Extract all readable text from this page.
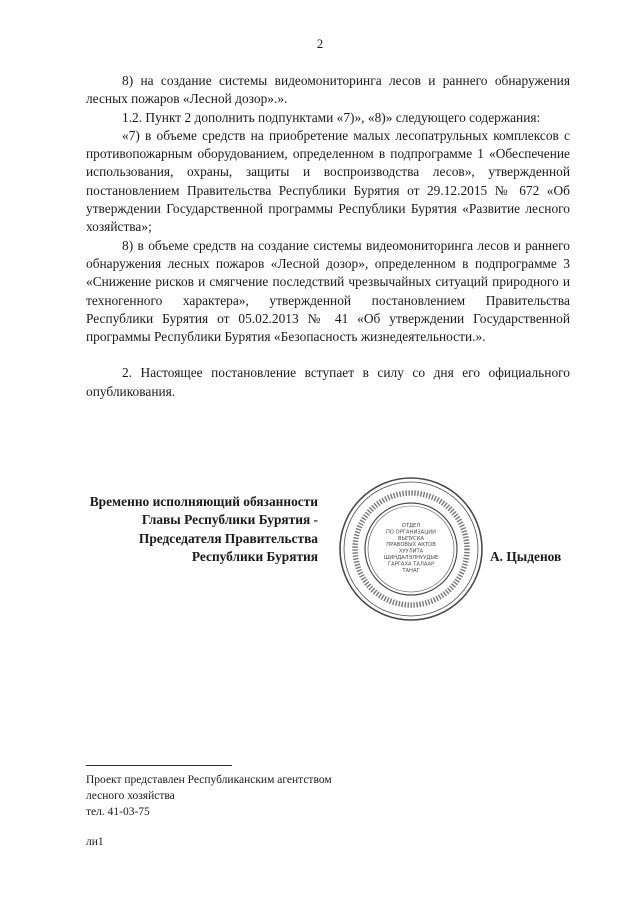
2

8) на создание системы видеомониторинга лесов и раннего обнаружения лесных пожаров «Лесной дозор».».

1.2. Пункт 2 дополнить подпунктами «7)», «8)» следующего содержания:

«7) в объеме средств на приобретение малых лесопатрульных комплексов с противопожарным оборудованием, определенном в подпрограмме 1 «Обеспечение использования, охраны, защиты и воспроизводства лесов», утвержденной постановлением Правительства Республики Бурятия от 29.12.2015 № 672 «Об утверждении Государственной программы Республики Бурятия «Развитие лесного хозяйства»;

8) в объеме средств на создание системы видеомониторинга лесов и раннего обнаружения лесных пожаров «Лесной дозор», определенном в подпрограмме 3 «Снижение рисков и смягчение последствий чрезвычайных ситуаций природного и техногенного характера», утвержденной постановлением Правительства Республики Бурятия от 05.02.2013 № 41 «Об утверждении Государственной программы Республики Бурятия «Безопасность жизнедеятельности.».

2. Настоящее постановление вступает в силу со дня его официального опубликования.

Временно исполняющий обязанности
Главы Республики Бурятия -
Председателя Правительства
Республики Бурятия
ОТДЕЛ
ПО ОРГАНИЗАЦИИ
ВЫПУСКА
ПРАВОВЫХ АКТОВ
ХУУЛИТА
ШИНДАЛЭЛНУУДЫЕ
ГАРГАХА ТАЛААР
ТАНАГ
А. Цыденов
Проект представлен Республиканским агентством
лесного хозяйства
тел. 41-03-75
ли1
